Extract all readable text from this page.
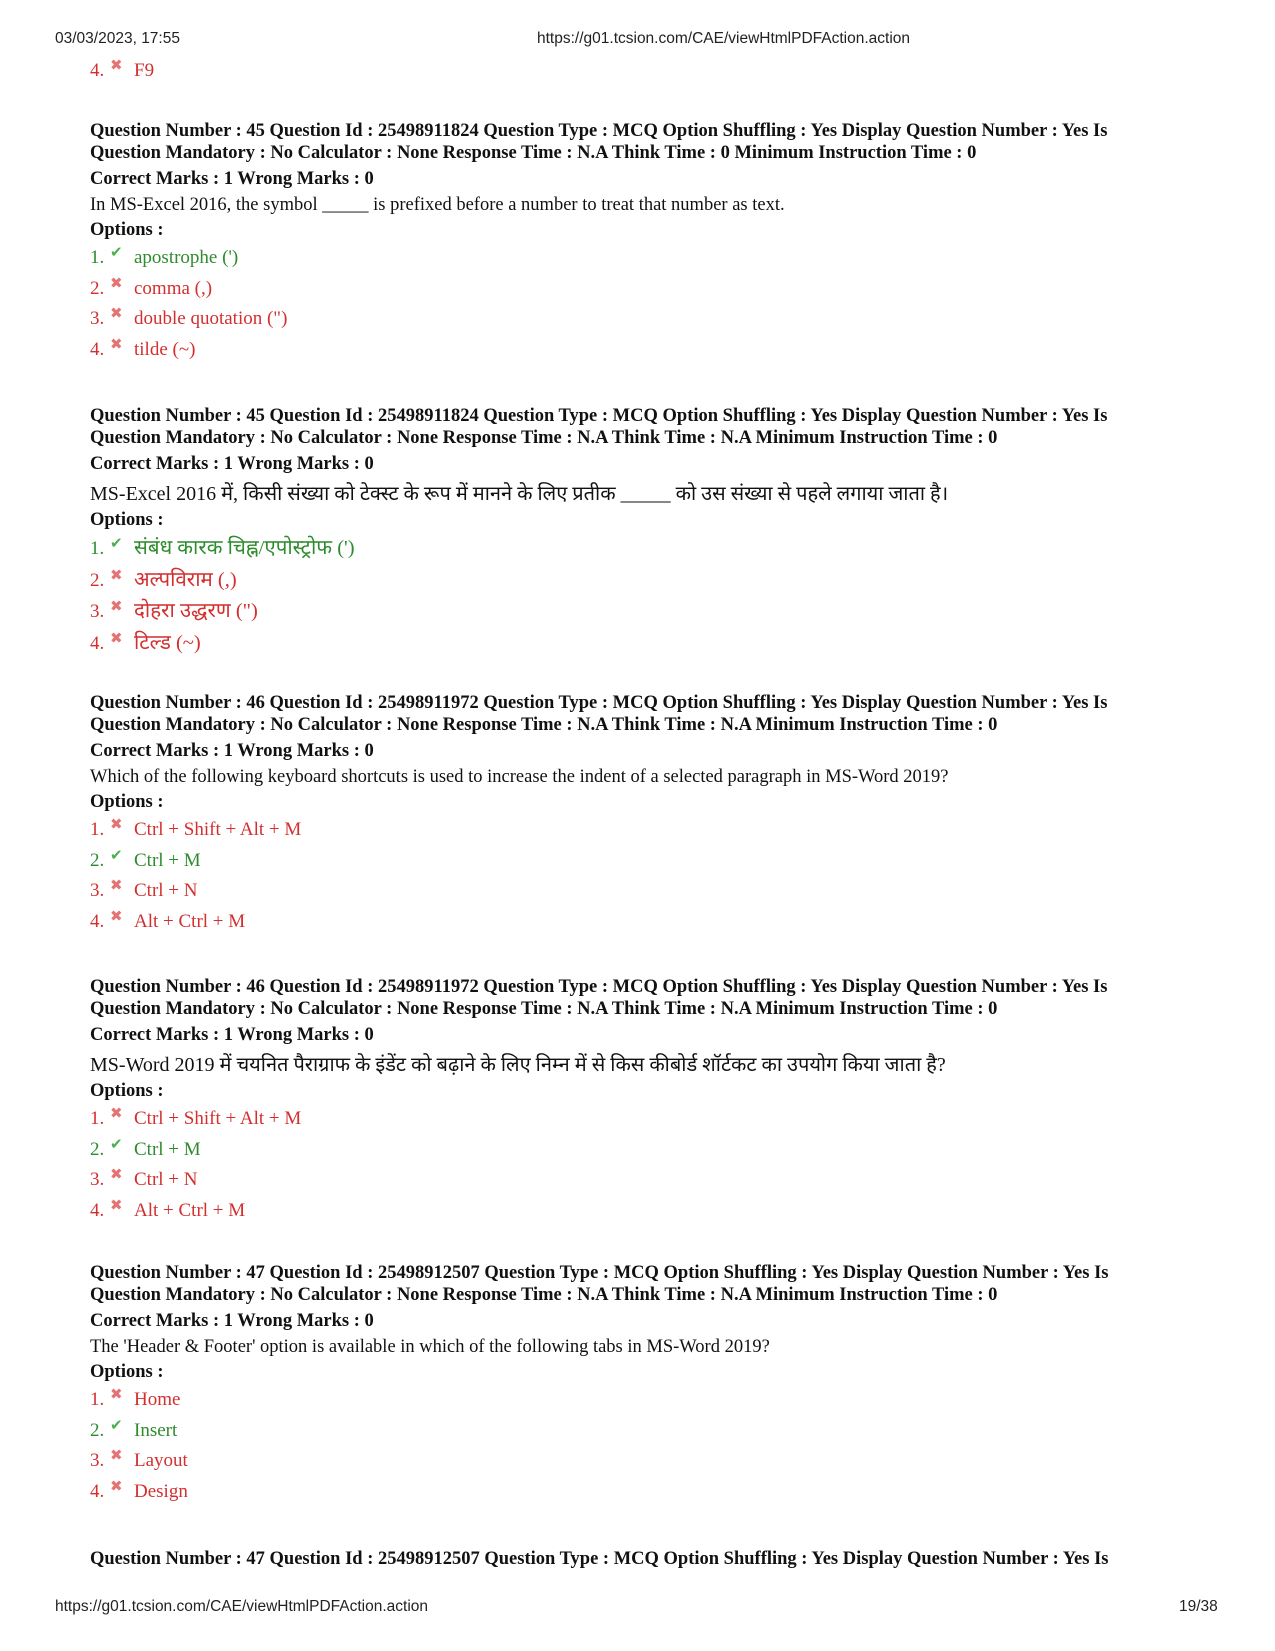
03/03/2023, 17:55	https://g01.tcsion.com/CAE/viewHtmlPDFAction.action
4. ✖ F9
Question Number : 45 Question Id : 25498911824 Question Type : MCQ Option Shuffling : Yes Display Question Number : Yes Is
Question Mandatory : No Calculator : None Response Time : N.A Think Time : 0 Minimum Instruction Time : 0
Correct Marks : 1 Wrong Marks : 0
In MS-Excel 2016, the symbol _____ is prefixed before a number to treat that number as text.
Options :
1. ✔ apostrophe (')
2. ✖ comma (,)
3. ✖ double quotation (")
4. ✖ tilde (~)
Question Number : 45 Question Id : 25498911824 Question Type : MCQ Option Shuffling : Yes Display Question Number : Yes Is
Question Mandatory : No Calculator : None Response Time : N.A Think Time : N.A Minimum Instruction Time : 0
Correct Marks : 1 Wrong Marks : 0
MS-Excel 2016 में, किसी संख्या को टेक्स्ट के रूप में मानने के लिए प्रतीक _____ को उस संख्या से पहले लगाया जाता है।
Options :
1. ✔ संबंध कारक चिह्न/एपोस्ट्रोफ (')
2. ✖ अल्पविराम (,)
3. ✖ दोहरा उद्धरण (")
4. ✖ टिल्ड (~)
Question Number : 46 Question Id : 25498911972 Question Type : MCQ Option Shuffling : Yes Display Question Number : Yes Is
Question Mandatory : No Calculator : None Response Time : N.A Think Time : N.A Minimum Instruction Time : 0
Correct Marks : 1 Wrong Marks : 0
Which of the following keyboard shortcuts is used to increase the indent of a selected paragraph in MS-Word 2019?
Options :
1. ✖ Ctrl + Shift + Alt + M
2. ✔ Ctrl + M
3. ✖ Ctrl + N
4. ✖ Alt + Ctrl + M
Question Number : 46 Question Id : 25498911972 Question Type : MCQ Option Shuffling : Yes Display Question Number : Yes Is
Question Mandatory : No Calculator : None Response Time : N.A Think Time : N.A Minimum Instruction Time : 0
Correct Marks : 1 Wrong Marks : 0
MS-Word 2019 में चयनित पैराग्राफ के इंडेंट को बढ़ाने के लिए निम्न में से किस कीबोर्ड शॉर्टकट का उपयोग किया जाता है?
Options :
1. ✖ Ctrl + Shift + Alt + M
2. ✔ Ctrl + M
3. ✖ Ctrl + N
4. ✖ Alt + Ctrl + M
Question Number : 47 Question Id : 25498912507 Question Type : MCQ Option Shuffling : Yes Display Question Number : Yes Is
Question Mandatory : No Calculator : None Response Time : N.A Think Time : N.A Minimum Instruction Time : 0
Correct Marks : 1 Wrong Marks : 0
The 'Header & Footer' option is available in which of the following tabs in MS-Word 2019?
Options :
1. ✖ Home
2. ✔ Insert
3. ✖ Layout
4. ✖ Design
Question Number : 47 Question Id : 25498912507 Question Type : MCQ Option Shuffling : Yes Display Question Number : Yes Is
https://g01.tcsion.com/CAE/viewHtmlPDFAction.action	19/38
